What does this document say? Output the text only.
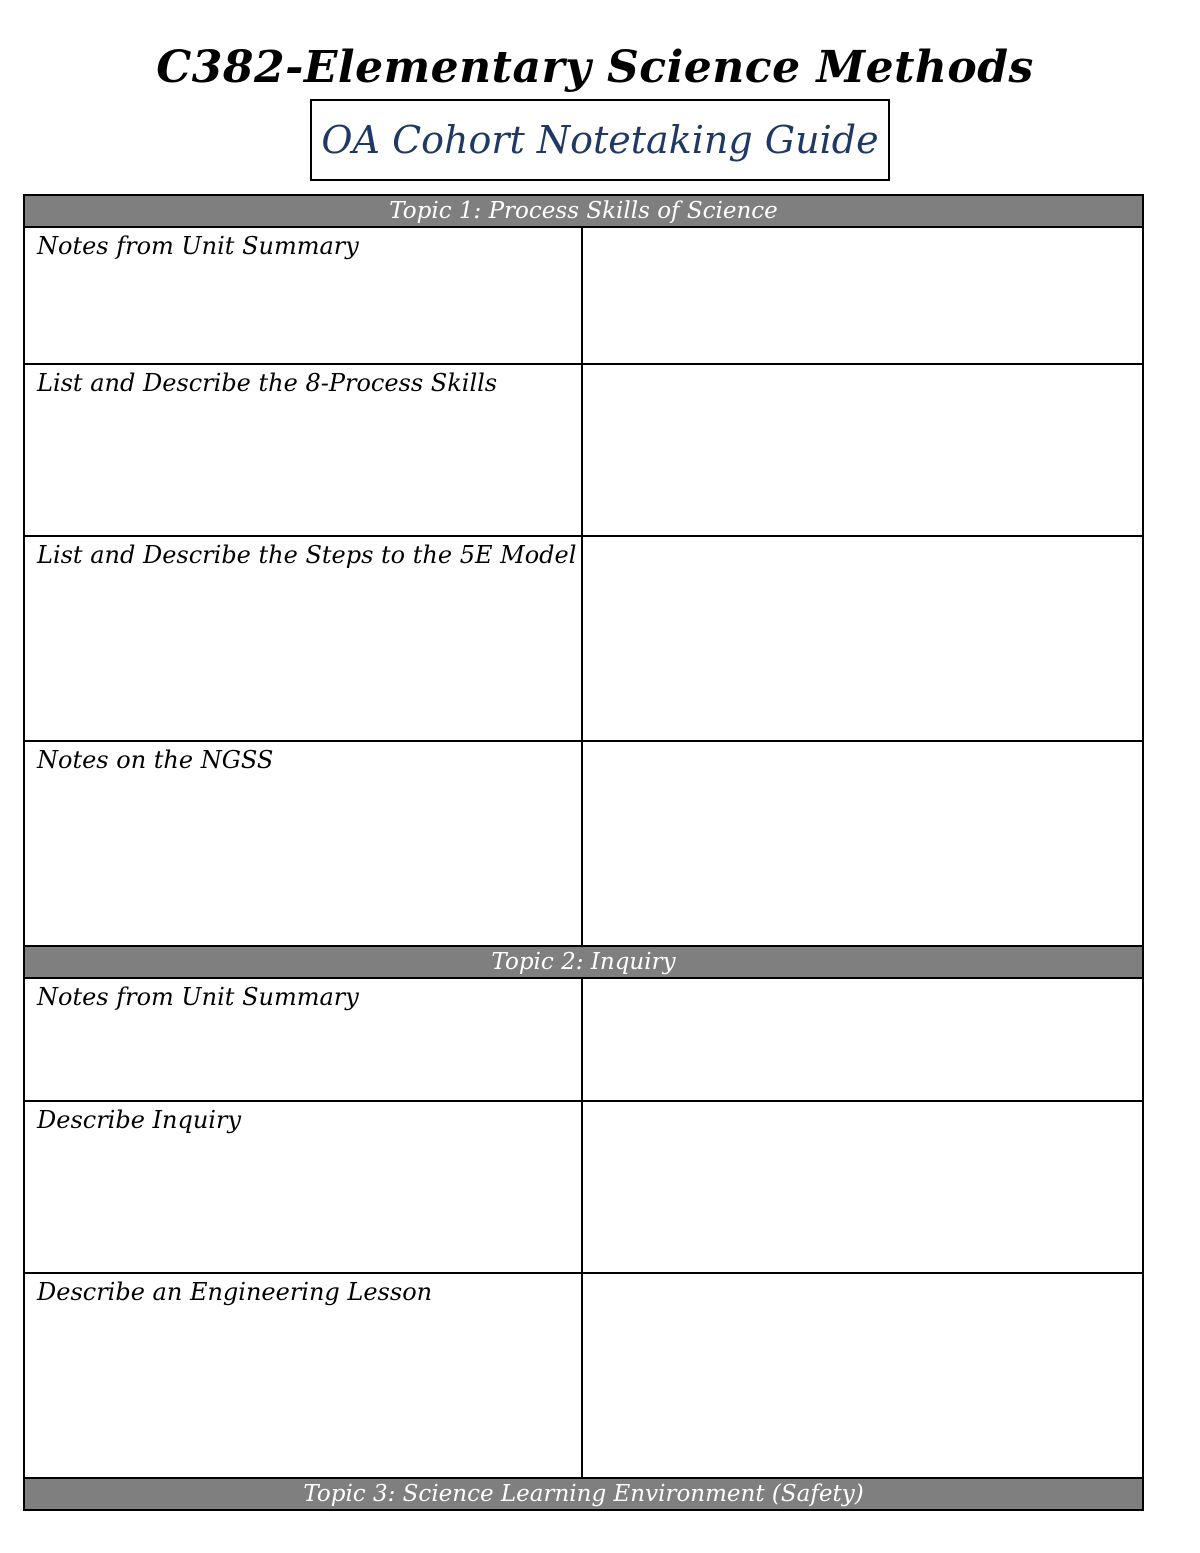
C382-Elementary Science Methods
OA Cohort Notetaking Guide
Topic 1: Process Skills of Science	
Notes from Unit Summary	
List and Describe the 8-Process Skills	
List and Describe the Steps to the 5E Model	
Notes on the NGSS	
Topic 2: Inquiry	
Notes from Unit Summary	
Describe Inquiry	
Describe an Engineering Lesson	
Topic 3: Science Learning Environment (Safety)	
